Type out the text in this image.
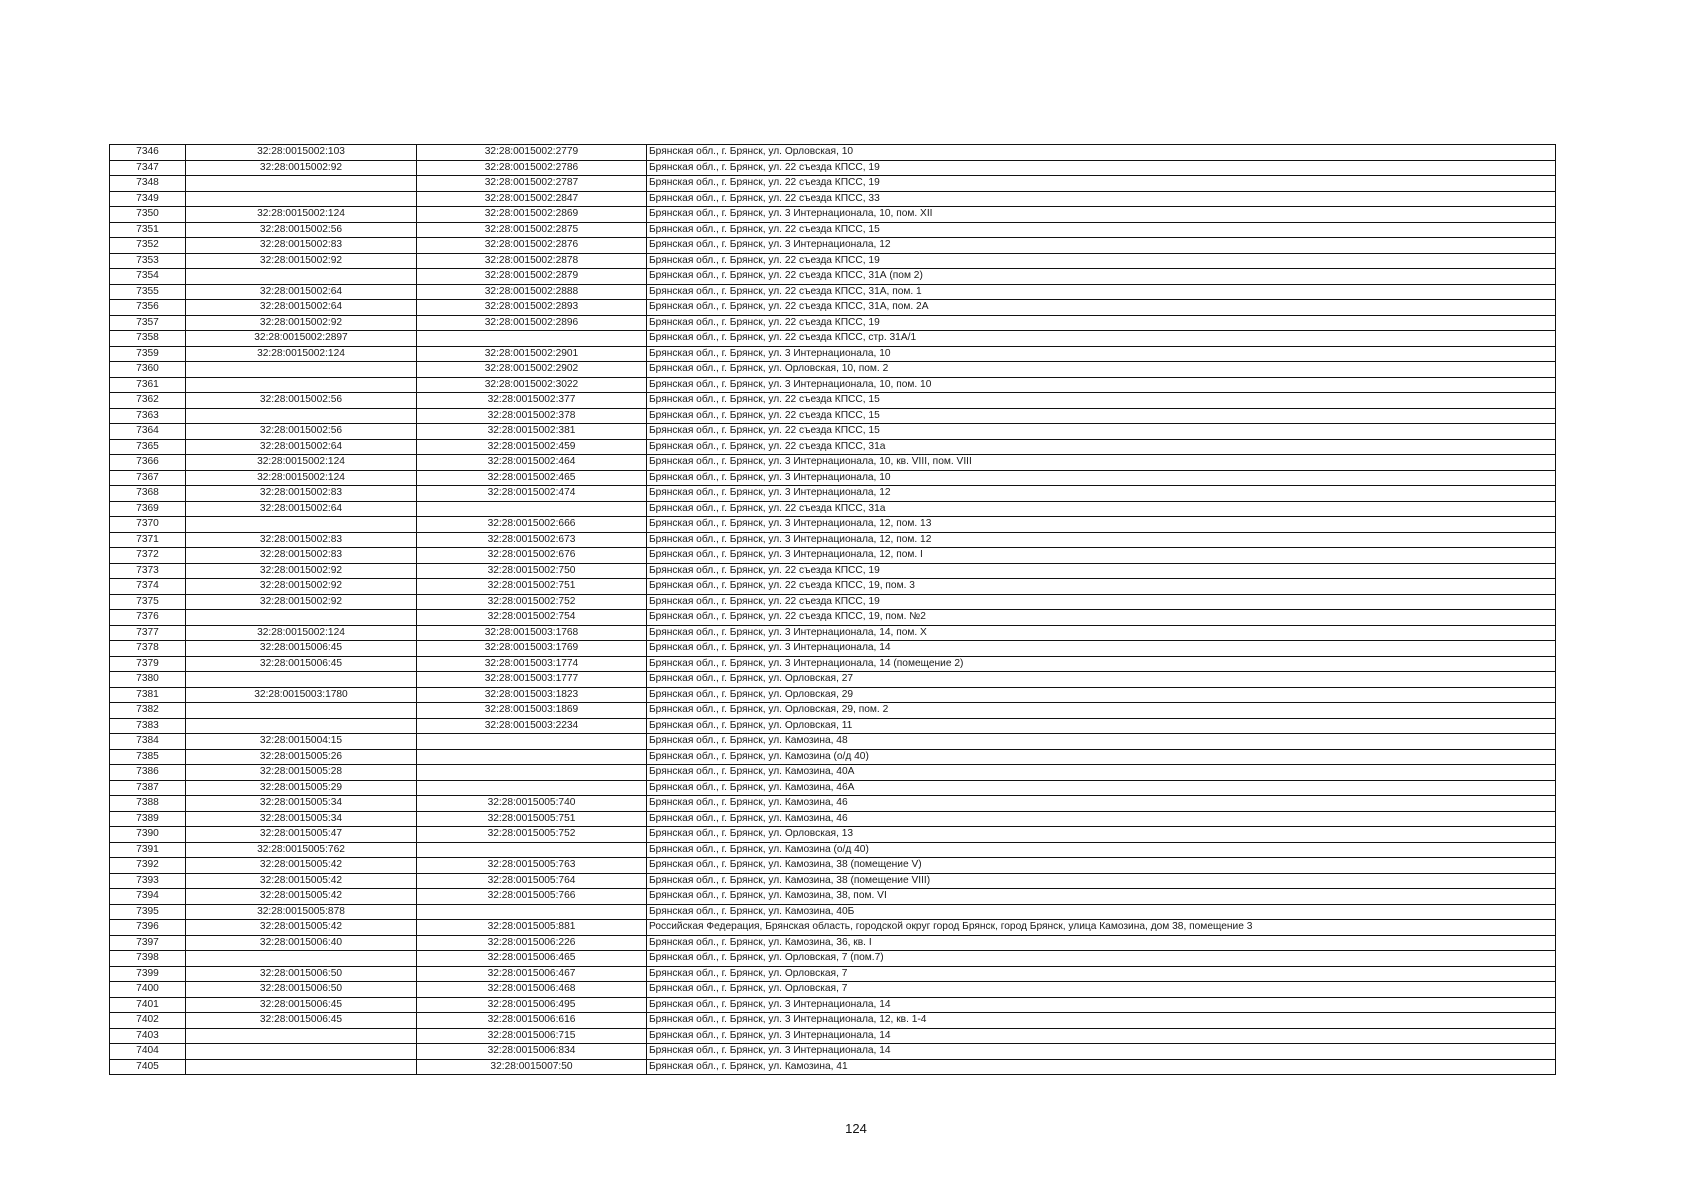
7346	32:28:0015002:103	32:28:0015002:2779	Брянская обл., г. Брянск, ул. Орловская, 10
7347	32:28:0015002:92	32:28:0015002:2786	Брянская обл., г. Брянск, ул. 22 съезда КПСС, 19
7348		32:28:0015002:2787	Брянская обл., г. Брянск, ул. 22 съезда КПСС, 19
7349		32:28:0015002:2847	Брянская обл., г. Брянск, ул. 22 съезда КПСС, 33
7350	32:28:0015002:124	32:28:0015002:2869	Брянская обл., г. Брянск, ул. 3 Интернационала, 10, пом. XII
7351	32:28:0015002:56	32:28:0015002:2875	Брянская обл., г. Брянск, ул. 22 съезда КПСС, 15
7352	32:28:0015002:83	32:28:0015002:2876	Брянская обл., г. Брянск, ул. 3 Интернационала, 12
7353	32:28:0015002:92	32:28:0015002:2878	Брянская обл., г. Брянск, ул. 22 съезда КПСС, 19
7354		32:28:0015002:2879	Брянская обл., г. Брянск, ул. 22 съезда КПСС, 31А (пом 2)
7355	32:28:0015002:64	32:28:0015002:2888	Брянская обл., г. Брянск, ул. 22 съезда КПСС, 31А, пом. 1
7356	32:28:0015002:64	32:28:0015002:2893	Брянская обл., г. Брянск, ул. 22 съезда КПСС, 31А, пом. 2А
7357	32:28:0015002:92	32:28:0015002:2896	Брянская обл., г. Брянск, ул. 22 съезда КПСС, 19
7358	32:28:0015002:2897		Брянская обл., г. Брянск, ул. 22 съезда КПСС, стр. 31А/1
7359	32:28:0015002:124	32:28:0015002:2901	Брянская обл., г. Брянск, ул. 3 Интернационала, 10
7360		32:28:0015002:2902	Брянская обл., г. Брянск, ул. Орловская, 10, пом. 2
7361		32:28:0015002:3022	Брянская обл., г. Брянск, ул. 3 Интернационала, 10, пом. 10
7362	32:28:0015002:56	32:28:0015002:377	Брянская обл., г. Брянск, ул. 22 съезда КПСС, 15
7363		32:28:0015002:378	Брянская обл., г. Брянск, ул. 22 съезда КПСС, 15
7364	32:28:0015002:56	32:28:0015002:381	Брянская обл., г. Брянск, ул. 22 съезда КПСС, 15
7365	32:28:0015002:64	32:28:0015002:459	Брянская обл., г. Брянск, ул. 22 съезда КПСС, 31а
7366	32:28:0015002:124	32:28:0015002:464	Брянская обл., г. Брянск, ул. 3 Интернационала, 10, кв. VIII, пом. VIII
7367	32:28:0015002:124	32:28:0015002:465	Брянская обл., г. Брянск, ул. 3 Интернационала, 10
7368	32:28:0015002:83	32:28:0015002:474	Брянская обл., г. Брянск, ул. 3 Интернационала, 12
7369	32:28:0015002:64		Брянская обл., г. Брянск, ул. 22 съезда КПСС, 31а
7370		32:28:0015002:666	Брянская обл., г. Брянск, ул. 3 Интернационала, 12, пом. 13
7371	32:28:0015002:83	32:28:0015002:673	Брянская обл., г. Брянск, ул. 3 Интернационала, 12, пом. 12
7372	32:28:0015002:83	32:28:0015002:676	Брянская обл., г. Брянск, ул. 3 Интернационала, 12, пом. I
7373	32:28:0015002:92	32:28:0015002:750	Брянская обл., г. Брянск, ул. 22 съезда КПСС, 19
7374	32:28:0015002:92	32:28:0015002:751	Брянская обл., г. Брянск, ул. 22 съезда КПСС, 19, пом. 3
7375	32:28:0015002:92	32:28:0015002:752	Брянская обл., г. Брянск, ул. 22 съезда КПСС, 19
7376		32:28:0015002:754	Брянская обл., г. Брянск, ул. 22 съезда КПСС, 19, пом. №2
7377	32:28:0015002:124	32:28:0015003:1768	Брянская обл., г. Брянск, ул. 3 Интернационала, 14, пом. X
7378	32:28:0015006:45	32:28:0015003:1769	Брянская обл., г. Брянск, ул. 3 Интернационала, 14
7379	32:28:0015006:45	32:28:0015003:1774	Брянская обл., г. Брянск, ул. 3 Интернационала, 14 (помещение 2)
7380		32:28:0015003:1777	Брянская обл., г. Брянск, ул. Орловская, 27
7381	32:28:0015003:1780	32:28:0015003:1823	Брянская обл., г. Брянск, ул. Орловская, 29
7382		32:28:0015003:1869	Брянская обл., г. Брянск, ул. Орловская, 29, пом. 2
7383		32:28:0015003:2234	Брянская обл., г. Брянск, ул. Орловская, 11
7384	32:28:0015004:15		Брянская обл., г. Брянск, ул. Камозина, 48
7385	32:28:0015005:26		Брянская обл., г. Брянск, ул. Камозина (о/д 40)
7386	32:28:0015005:28		Брянская обл., г. Брянск, ул. Камозина, 40А
7387	32:28:0015005:29		Брянская обл., г. Брянск, ул. Камозина, 46А
7388	32:28:0015005:34	32:28:0015005:740	Брянская обл., г. Брянск, ул. Камозина, 46
7389	32:28:0015005:34	32:28:0015005:751	Брянская обл., г. Брянск, ул. Камозина, 46
7390	32:28:0015005:47	32:28:0015005:752	Брянская обл., г. Брянск, ул. Орловская, 13
7391	32:28:0015005:762		Брянская обл., г. Брянск, ул. Камозина (о/д 40)
7392	32:28:0015005:42	32:28:0015005:763	Брянская обл., г. Брянск, ул. Камозина, 38 (помещение V)
7393	32:28:0015005:42	32:28:0015005:764	Брянская обл., г. Брянск, ул. Камозина, 38 (помещение VIII)
7394	32:28:0015005:42	32:28:0015005:766	Брянская обл., г. Брянск, ул. Камозина, 38, пом. VI
7395	32:28:0015005:878		Брянская обл., г. Брянск, ул. Камозина, 40Б
7396	32:28:0015005:42	32:28:0015005:881	Российская Федерация, Брянская область, городской округ город Брянск, город Брянск, улица Камозина, дом 38, помещение 3
7397	32:28:0015006:40	32:28:0015006:226	Брянская обл., г. Брянск, ул. Камозина, 36, кв. I
7398		32:28:0015006:465	Брянская обл., г. Брянск, ул. Орловская, 7 (пом.7)
7399	32:28:0015006:50	32:28:0015006:467	Брянская обл., г. Брянск, ул. Орловская, 7
7400	32:28:0015006:50	32:28:0015006:468	Брянская обл., г. Брянск, ул. Орловская, 7
7401	32:28:0015006:45	32:28:0015006:495	Брянская обл., г. Брянск, ул. 3 Интернационала, 14
7402	32:28:0015006:45	32:28:0015006:616	Брянская обл., г. Брянск, ул. 3 Интернационала, 12, кв. 1-4
7403		32:28:0015006:715	Брянская обл., г. Брянск, ул. 3 Интернационала, 14
7404		32:28:0015006:834	Брянская обл., г. Брянск, ул. 3 Интернационала, 14
7405		32:28:0015007:50	Брянская обл., г. Брянск, ул. Камозина, 41
124
